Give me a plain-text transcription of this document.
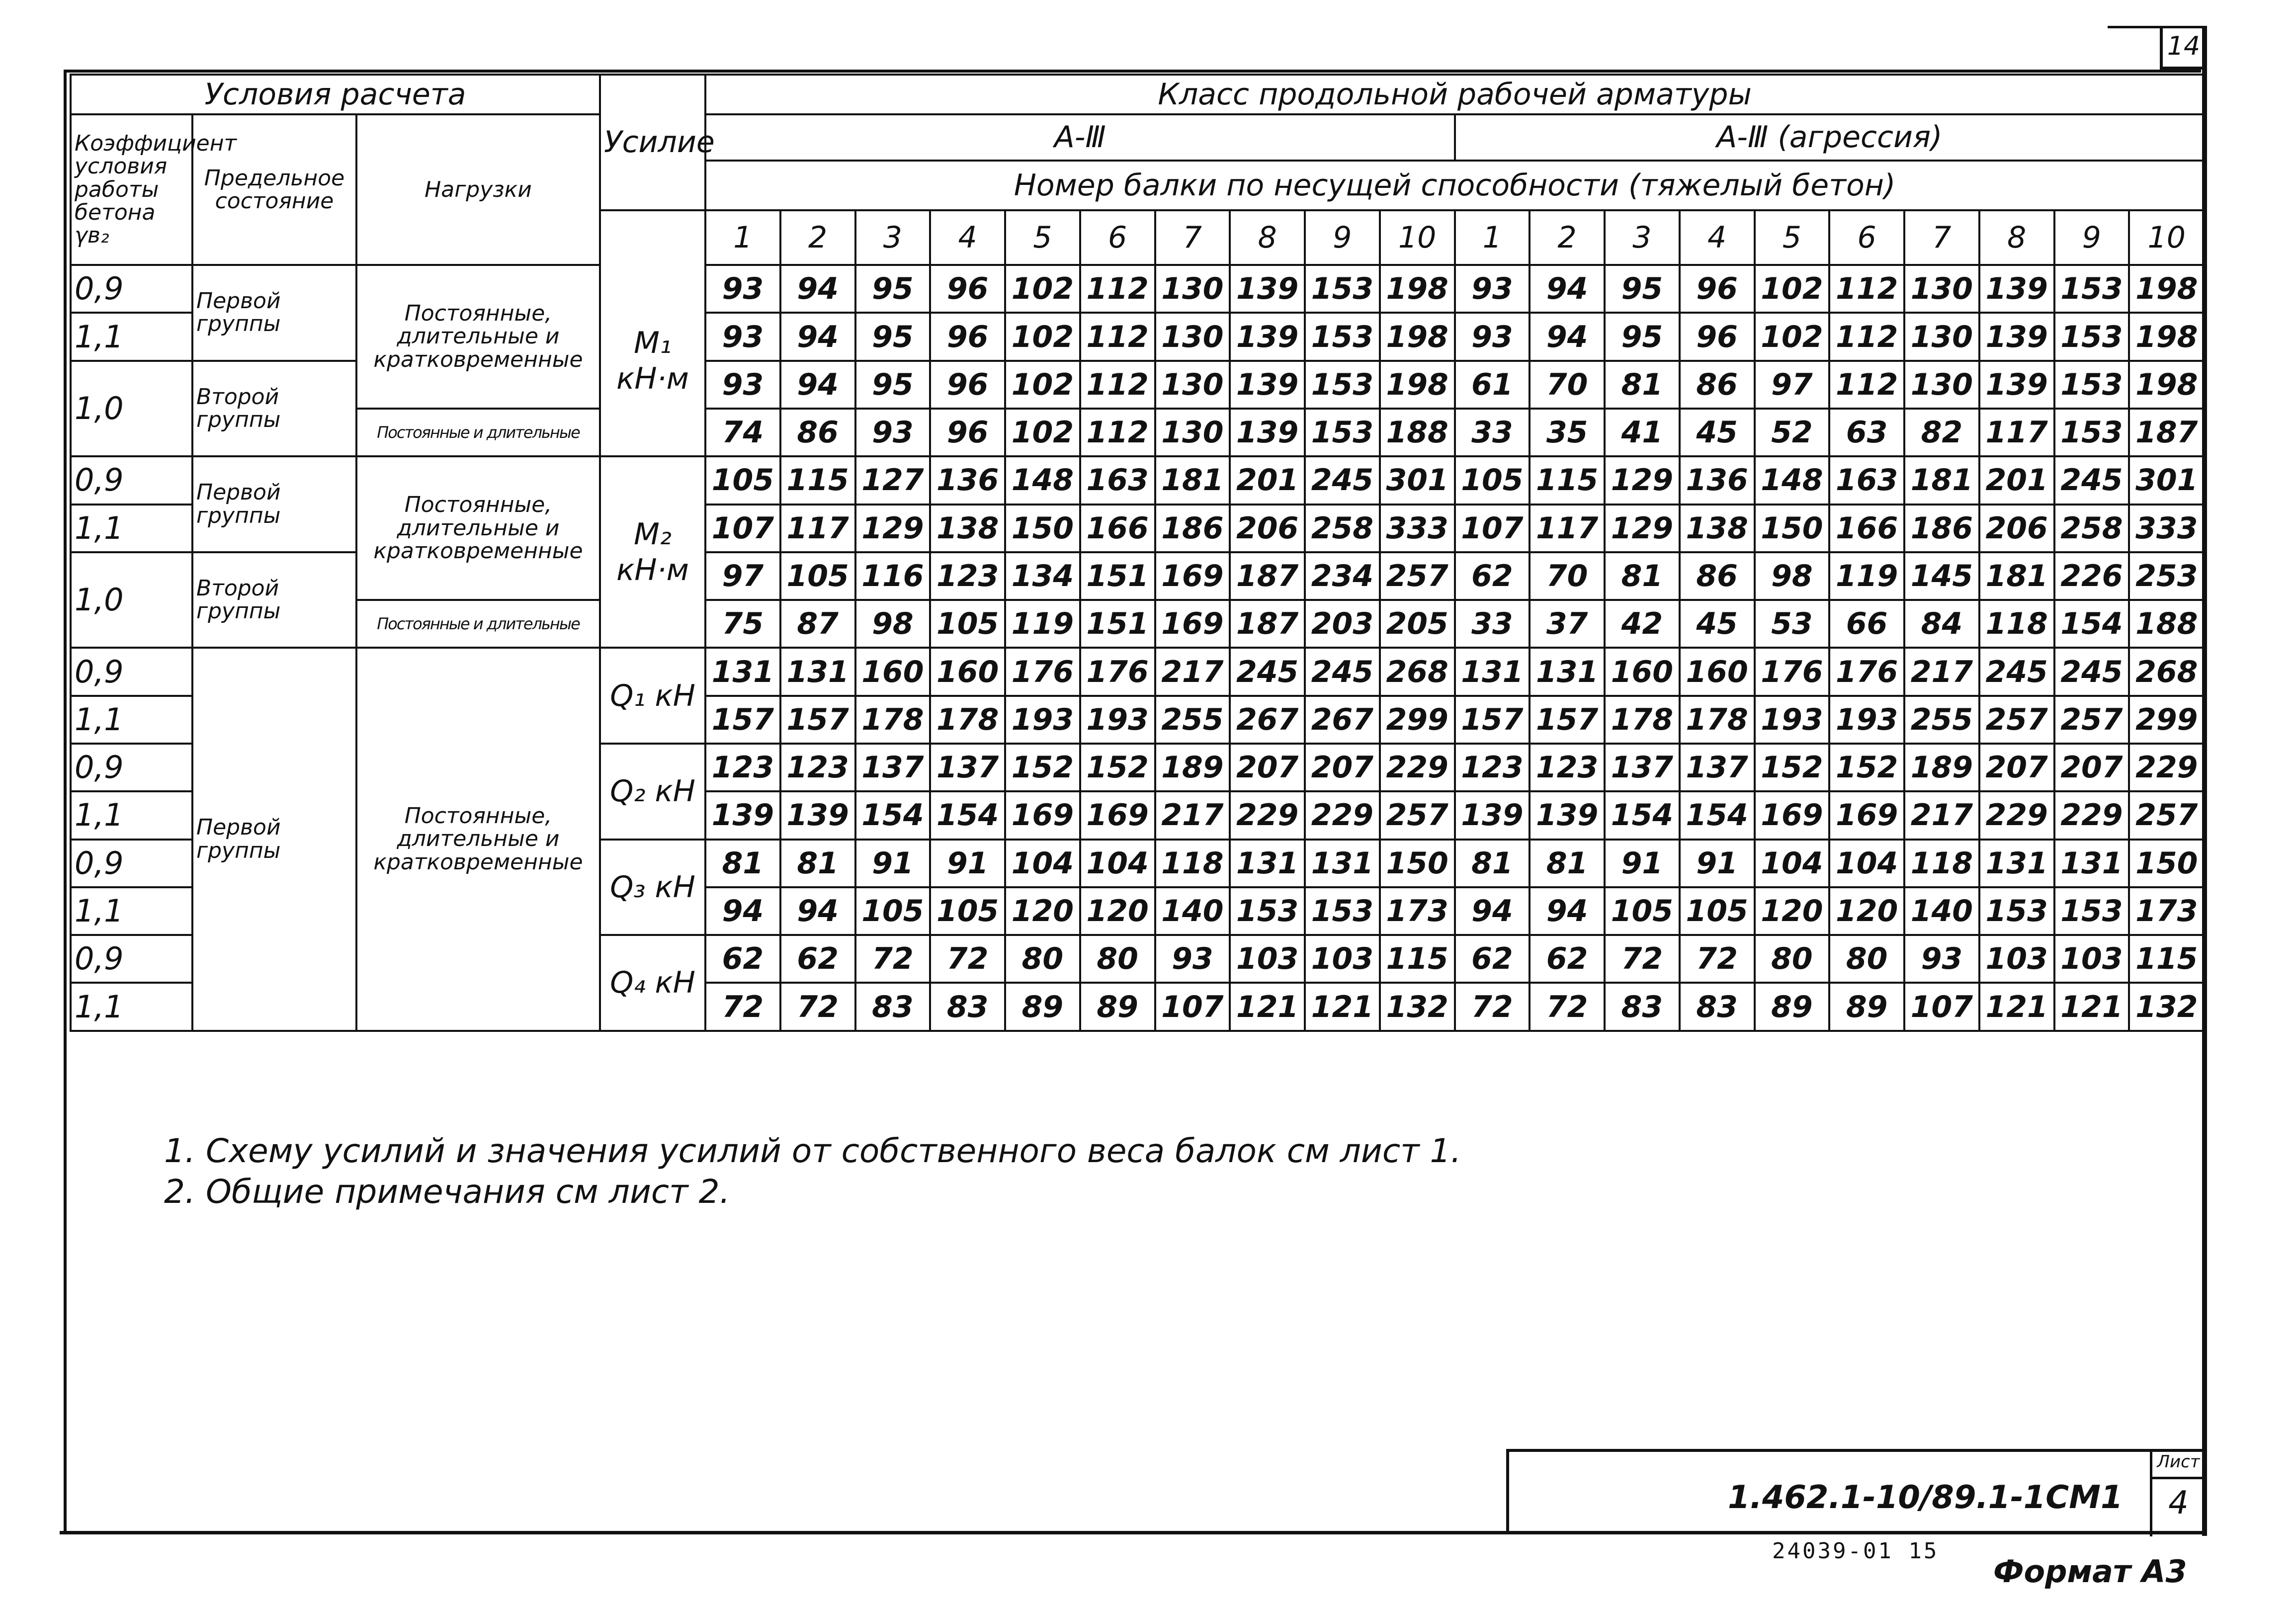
14
Условия расчета			Усилие	Класс продольной рабочей арматуры																			
Коэффициент условия работы бетона γв₂	Предельное состояние	Нагрузки		А-Ⅲ										А-Ⅲ (агрессия)									
				Номер балки по несущей способности (тяжелый бетон)																			
				1	2	3	4	5	6	7	8	9	10	1	2	3	4	5	6	7	8	9	10
0,9	Первой группы	Постоянные, длительные и кратковременные	M₁ кН·м	93	94	95	96	102	112	130	139	153	198	93	94	95	96	102	112	130	139	153	198
1,1				93	94	95	96	102	112	130	139	153	198	93	94	95	96	102	112	130	139	153	198
1,0	Второй группы			93	94	95	96	102	112	130	139	153	198	61	70	81	86	97	112	130	139	153	198
		Постоянные и длительные		74	86	93	96	102	112	130	139	153	188	33	35	41	45	52	63	82	117	153	187
0,9	Первой группы	Постоянные, длительные и кратковременные	M₂ кН·м	105	115	127	136	148	163	181	201	245	301	105	115	129	136	148	163	181	201	245	301
1,1				107	117	129	138	150	166	186	206	258	333	107	117	129	138	150	166	186	206	258	333
1,0	Второй группы			97	105	116	123	134	151	169	187	234	257	62	70	81	86	98	119	145	181	226	253
		Постоянные и длительные		75	87	98	105	119	151	169	187	203	205	33	37	42	45	53	66	84	118	154	188
0,9	Первой группы	Постоянные, длительные и кратковременные	Q₁ кН	131	131	160	160	176	176	217	245	245	268	131	131	160	160	176	176	217	245	245	268
1,1				157	157	178	178	193	193	255	267	267	299	157	157	178	178	193	193	255	257	257	299
0,9			Q₂ кН	123	123	137	137	152	152	189	207	207	229	123	123	137	137	152	152	189	207	207	229
1,1				139	139	154	154	169	169	217	229	229	257	139	139	154	154	169	169	217	229	229	257
0,9			Q₃ кН	81	81	91	91	104	104	118	131	131	150	81	81	91	91	104	104	118	131	131	150
1,1				94	94	105	105	120	120	140	153	153	173	94	94	105	105	120	120	140	153	153	173
0,9			Q₄ кН	62	62	72	72	80	80	93	103	103	115	62	62	72	72	80	80	93	103	103	115
1,1				72	72	83	83	89	89	107	121	121	132	72	72	83	83	89	89	107	121	121	132

1. Схему усилий и значения усилий от собственного веса балок см лист 1.
2. Общие примечания см лист 2.
1.462.1-10/89.1-1СМ1
Лист
4
24039-01 15
Формат А3
